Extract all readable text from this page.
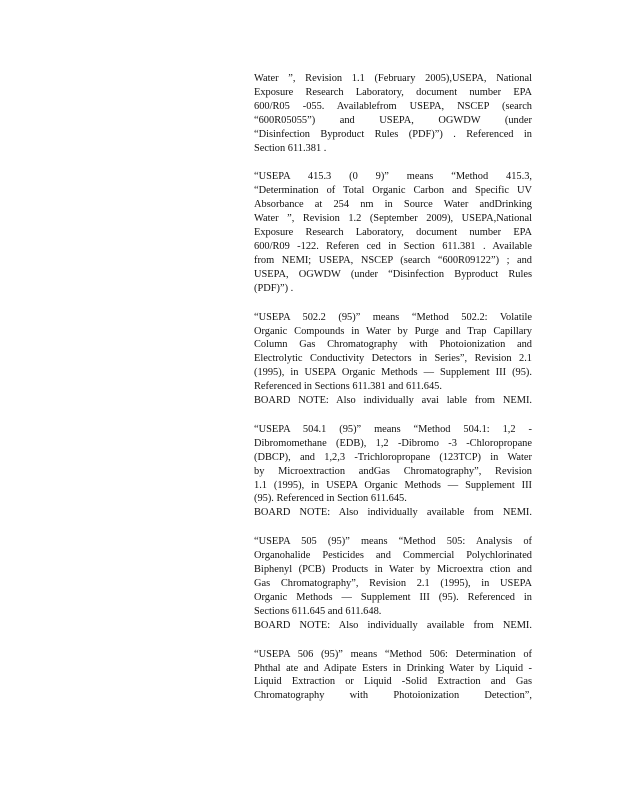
Water ”, Revision 1.1 (February 2005),USEPA, National
Exposure Research Laboratory, document number EPA
600/R05 -055. Availablefrom USEPA, NSCEP (search
“600R05055”) and USEPA, OGWDW (under
“Disinfection Byproduct Rules (PDF)”) . Referenced in
Section 611.381 .
“USEPA 415.3 (0 9)” means “Method 415.3,
“Determination of Total Organic Carbon and Specific UV
Absorbance at 254 nm in Source Water andDrinking
Water ”, Revision 1.2 (September 2009), USEPA,National
Exposure Research Laboratory, document number EPA
600/R09 -122. Referen ced in Section 611.381 . Available
from NEMI; USEPA, NSCEP (search “600R09122”) ; and
USEPA, OGWDW (under “Disinfection Byproduct Rules
(PDF)”) .
“USEPA 502.2 (95)” means “Method 502.2: Volatile
Organic Compounds in Water by Purge and Trap Capillary
Column Gas Chromatography with Photoionization and
Electrolytic Conductivity Detectors in Series”, Revision 2.1
(1995), in USEPA Organic Methods — Supplement III (95).
Referenced in Sections 611.381 and 611.645.
BOARD NOTE: Also individually avai lable from NEMI.
“USEPA 504.1 (95)” means “Method 504.1: 1,2 -
Dibromomethane (EDB), 1,2 -Dibromo -3 -Chloropropane
(DBCP), and 1,2,3 -Trichloropropane (123TCP) in Water
by Microextraction andGas Chromatography”, Revision
1.1 (1995), in USEPA Organic Methods — Supplement III
(95). Referenced in Section 611.645.
BOARD NOTE: Also individually available from NEMI.
“USEPA 505 (95)” means “Method 505: Analysis of
Organohalide Pesticides and Commercial Polychlorinated
Biphenyl (PCB) Products in Water by Microextra ction and
Gas Chromatography”, Revision 2.1 (1995), in USEPA
Organic Methods — Supplement III (95). Referenced in
Sections 611.645 and 611.648.
BOARD NOTE: Also individually available from NEMI.
“USEPA 506 (95)” means “Method 506: Determination of
Phthal ate and Adipate Esters in Drinking Water by Liquid -
Liquid Extraction or Liquid -Solid Extraction and Gas
Chromatography with Photoionization Detection”,
